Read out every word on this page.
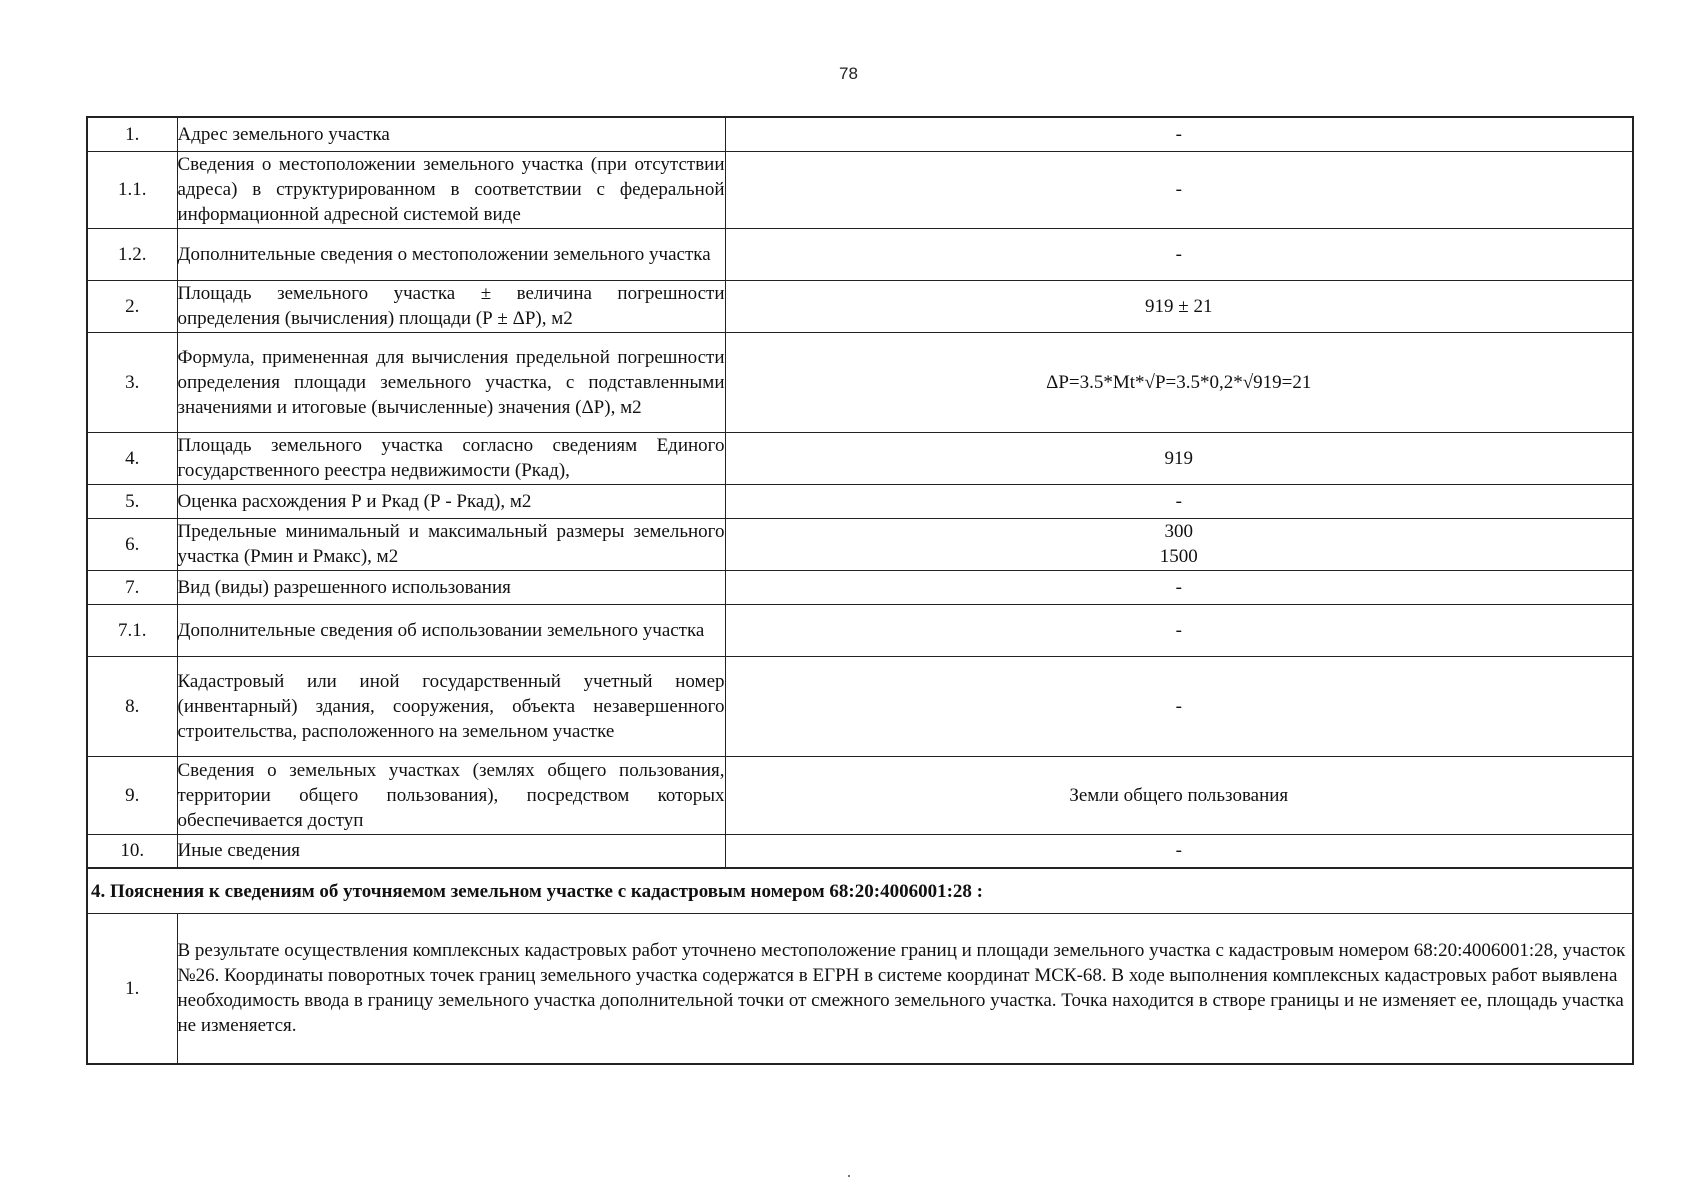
78
1.	Адрес земельного участка	-
1.1.	Сведения о местоположении земельного участка (при отсутствии адреса) в структурированном в соответствии с федеральной информационной адресной системой виде	-
1.2.	Дополнительные сведения о местоположении земельного участка	-
2.	Площадь земельного участка ± величина погрешности определения (вычисления) площади (Р ± ΔР), м2	919 ± 21
3.	Формула, примененная для вычисления предельной погрешности определения площади земельного участка, с подставленными значениями и итоговые (вычисленные) значения (ΔР), м2	ΔР=3.5*Mt*√Р=3.5*0,2*√919=21
4.	Площадь земельного участка согласно сведениям Единого государственного реестра недвижимости (Ркад),	919
5.	Оценка расхождения Р и Ркад (Р - Ркад), м2	-
6.	Предельные минимальный и максимальный размеры земельного участка (Рмин и Рмакс), м2	300
1500

7.	Вид (виды) разрешенного использования	-
7.1.	Дополнительные сведения об использовании земельного участка	-
8.	Кадастровый или иной государственный учетный номер (инвентарный) здания, сооружения, объекта незавершенного строительства, расположенного на земельном участке	-
9.	Сведения о земельных участках (землях общего пользования, территории общего пользования), посредством которых обеспечивается доступ	Земли общего пользования
10.	Иные сведения	-
4. Пояснения к сведениям об уточняемом земельном участке с кадастровым номером 68:20:4006001:28 :		
1.	В результате осуществления комплексных кадастровых работ уточнено местоположение границ и площади земельного участка с кадастровым номером 68:20:4006001:28, участок №26. Координаты поворотных точек границ земельного участка содержатся в ЕГРН в системе координат МСК-68. В ходе выполнения комплексных кадастровых работ выявлена необходимость ввода в границу земельного участка дополнительной точки от смежного земельного участка. Точка находится в створе границы и не изменяет ее, площадь участка не изменяется.	
